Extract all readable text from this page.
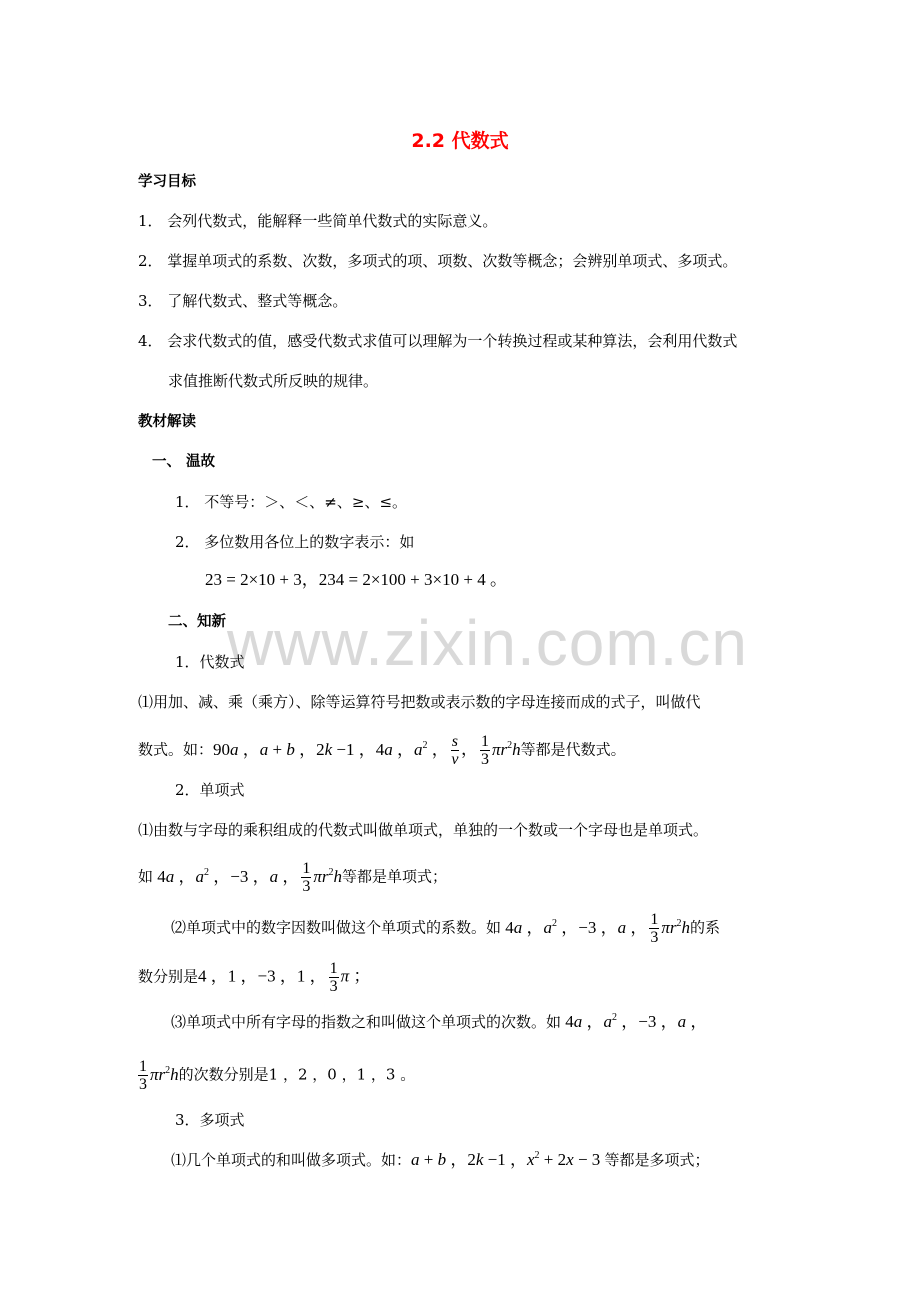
2.2 代数式
www.zixin.com.cn
学习目标
1． 会列代数式，能解释一些简单代数式的实际意义。
2． 掌握单项式的系数、次数，多项式的项、项数、次数等概念；会辨别单项式、多项式。
3． 了解代数式、整式等概念。
4． 会求代数式的值，感受代数式求值可以理解为一个转换过程或某种算法，会利用代数式
求值推断代数式所反映的规律。
教材解读
一、 温故
1． 不等号：＞、＜、≠、≥、≤。
2． 多位数用各位上的数字表示：如
23 = 2×10 + 3，234 = 2×100 + 3×10 + 4 。
二、知新
1．代数式
⑴用加、减、乘（乘方）、除等运算符号把数或表示数的字母连接而成的式子，叫做代
数式。如：90a ，a + b ，2k −1 ，4a ，$a^2$ ， $\frac{s}{v}$ ， $\frac{1}{3} \pi r^2h$等都是代数式。
2．单项式
⑴由数与字母的乘积组成的代数式叫做单项式，单独的一个数或一个字母也是单项式。
如 4a ，$a^2$ ，−3 ，a ， $\frac{1}{3} \pi r^2h$等都是单项式；
⑵单项式中的数字因数叫做这个单项式的系数。如 4a ，$a^2$ ，−3 ，a ， $\frac{1}{3} \pi r^2h$的系
数分别是4 ，1 ，−3 ，1 ， $\frac{1}{3}$ π ；
⑶单项式中所有字母的指数之和叫做这个单项式的次数。如 4a ，$a^2$ ，−3 ，a ，
$\frac{1}{3} \pi r^2h$的次数分别是1 ，2 ，0 ，1 ，3 。
3．多项式
⑴几个单项式的和叫做多项式。如：a + b ，2k −1 ，$x^2 + 2x - 3$ 等都是多项式；
